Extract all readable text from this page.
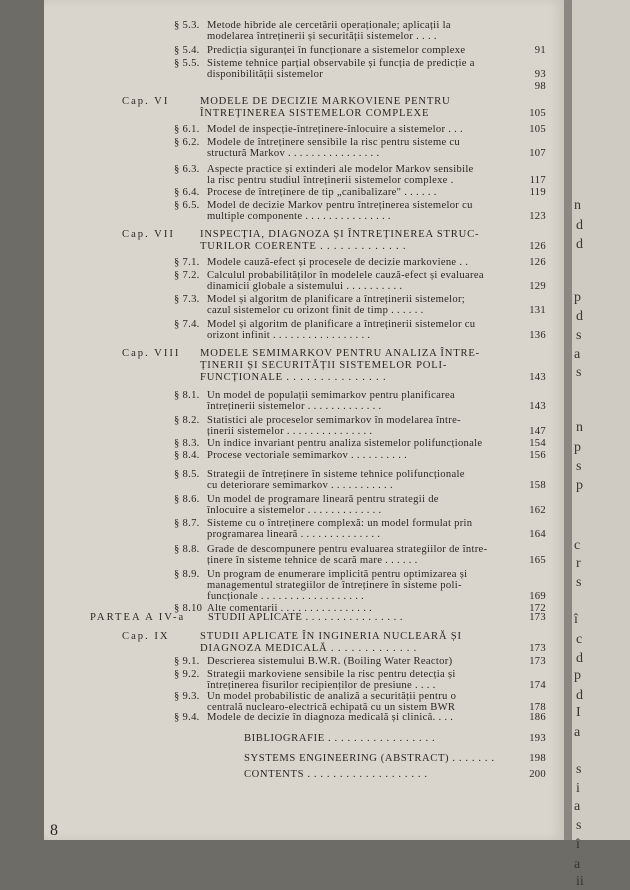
§ 5.3. Metode hibride ale cercetării operaționale; aplicații la
modelarea întreținerii și securității sistemelor . . . .
§ 5.4. Predicția siguranței în funcționare a sistemelor complexe	91
§ 5.5. Sisteme tehnice parțial observabile și funcția de predicție a
disponibilității sistemelor	93
98
Cap. VI	MODELE DE DECIZIE MARKOVIENE PENTRU
ÎNTREȚINEREA SISTEMELOR COMPLEXE	105
§ 6.1. Model de inspecție-întreținere-înlocuire a sistemelor . . .	105
§ 6.2. Modele de întreținere sensibile la risc pentru sisteme cu
structură Markov . . . . . . . . . . . . . . . .	107
§ 6.3. Aspecte practice și extinderi ale modelor Markov sensibile
la risc pentru studiul întreținerii sistemelor complexe .	117
§ 6.4. Procese de întreținere de tip „canibalizare" . . . . . .	119
§ 6.5. Model de decizie Markov pentru întreținerea sistemelor cu
multiple componente . . . . . . . . . . . . . . .	123
Cap. VII INSPECȚIA, DIAGNOZA ȘI ÎNTREȚINEREA STRUC-
TURILOR COERENTE . . . . . . . . . . . . .	126
§ 7.1. Modele cauză-efect și procesele de decizie markoviene . .	126
§ 7.2. Calculul probabilităților în modelele cauză-efect și evaluarea
dinamicii globale a sistemului . . . . . . . . . .	129
§ 7.3. Model și algoritm de planificare a întreținerii sistemelor;
cazul sistemelor cu orizont finit de timp . . . . . .	131
§ 7.4. Model și algoritm de planificare a întreținerii sistemelor cu
orizont infinit . . . . . . . . . . . . . . . . .	136
Cap. VIII MODELE SEMIMARKOV PENTRU ANALIZA ÎNTRE-
ȚINERII ȘI SECURITĂȚII SISTEMELOR POLI-
FUNCȚIONALE . . . . . . . . . . . . . . .	143
§ 8.1. Un model de populații semimarkov pentru planificarea
întreținerii sistemelor . . . . . . . . . . . . .	143
§ 8.2. Statistici ale proceselor semimarkov în modelarea între-
ținerii sistemelor . . . . . . . . . . . . . . .	147
§ 8.3. Un indice invariant pentru analiza sistemelor polifuncționale	154
§ 8.4. Procese vectoriale semimarkov . . . . . . . . . .	156
§ 8.5. Strategii de întreținere în sisteme tehnice polifuncționale
cu deteriorare semimarkov . . . . . . . . . . .	158
§ 8.6. Un model de programare lineară pentru strategii de
înlocuire a sistemelor . . . . . . . . . . . . .	162
§ 8.7. Sisteme cu o întreținere complexă: un model formulat prin
programarea lineară . . . . . . . . . . . . . .	164
§ 8.8. Grade de descompunere pentru evaluarea strategiilor de între-
ținere în sisteme tehnice de scară mare . . . . . .	165
§ 8.9. Un program de enumerare implicită pentru optimizarea și
managementul strategiilor de întreținere în sisteme poli-
funcționale . . . . . . . . . . . . . . . . . .	169
§ 8.10 Alte comentarii . . . . . . . . . . . . . . . .	172
PARTEA A IV-a STUDII APLICATE . . . . . . . . . . . . . . . .	173
Cap. IX	STUDII APLICATE ÎN INGINERIA NUCLEARĂ ȘI
DIAGNOZA MEDICALĂ . . . . . . . . . . . . .	173
§ 9.1. Descrierea sistemului B.W.R. (Boiling Water Reactor)	173
§ 9.2. Strategii markoviene sensibile la risc pentru detecția și
întreținerea fisurilor recipienților de presiune . . . .	174
§ 9.3. Un model probabilistic de analiză a securității pentru o
centrală nuclearo-electrică echipată cu un sistem BWR	178
§ 9.4. Modele de decizie în diagnoza medicală și clinică. . . .	186
BIBLIOGRAFIE . . . . . . . . . . . . . . . . .	193
SYSTEMS ENGINEERING (ABSTRACT) . . . . . . .	198
CONTENTS . . . . . . . . . . . . . . . . . . .	200
8
n
d
d
p
d
s
a
s
n
p
s
p
c
r
s
î
c
d
p
d
I
a
s
i
a
s
î
a
ii
